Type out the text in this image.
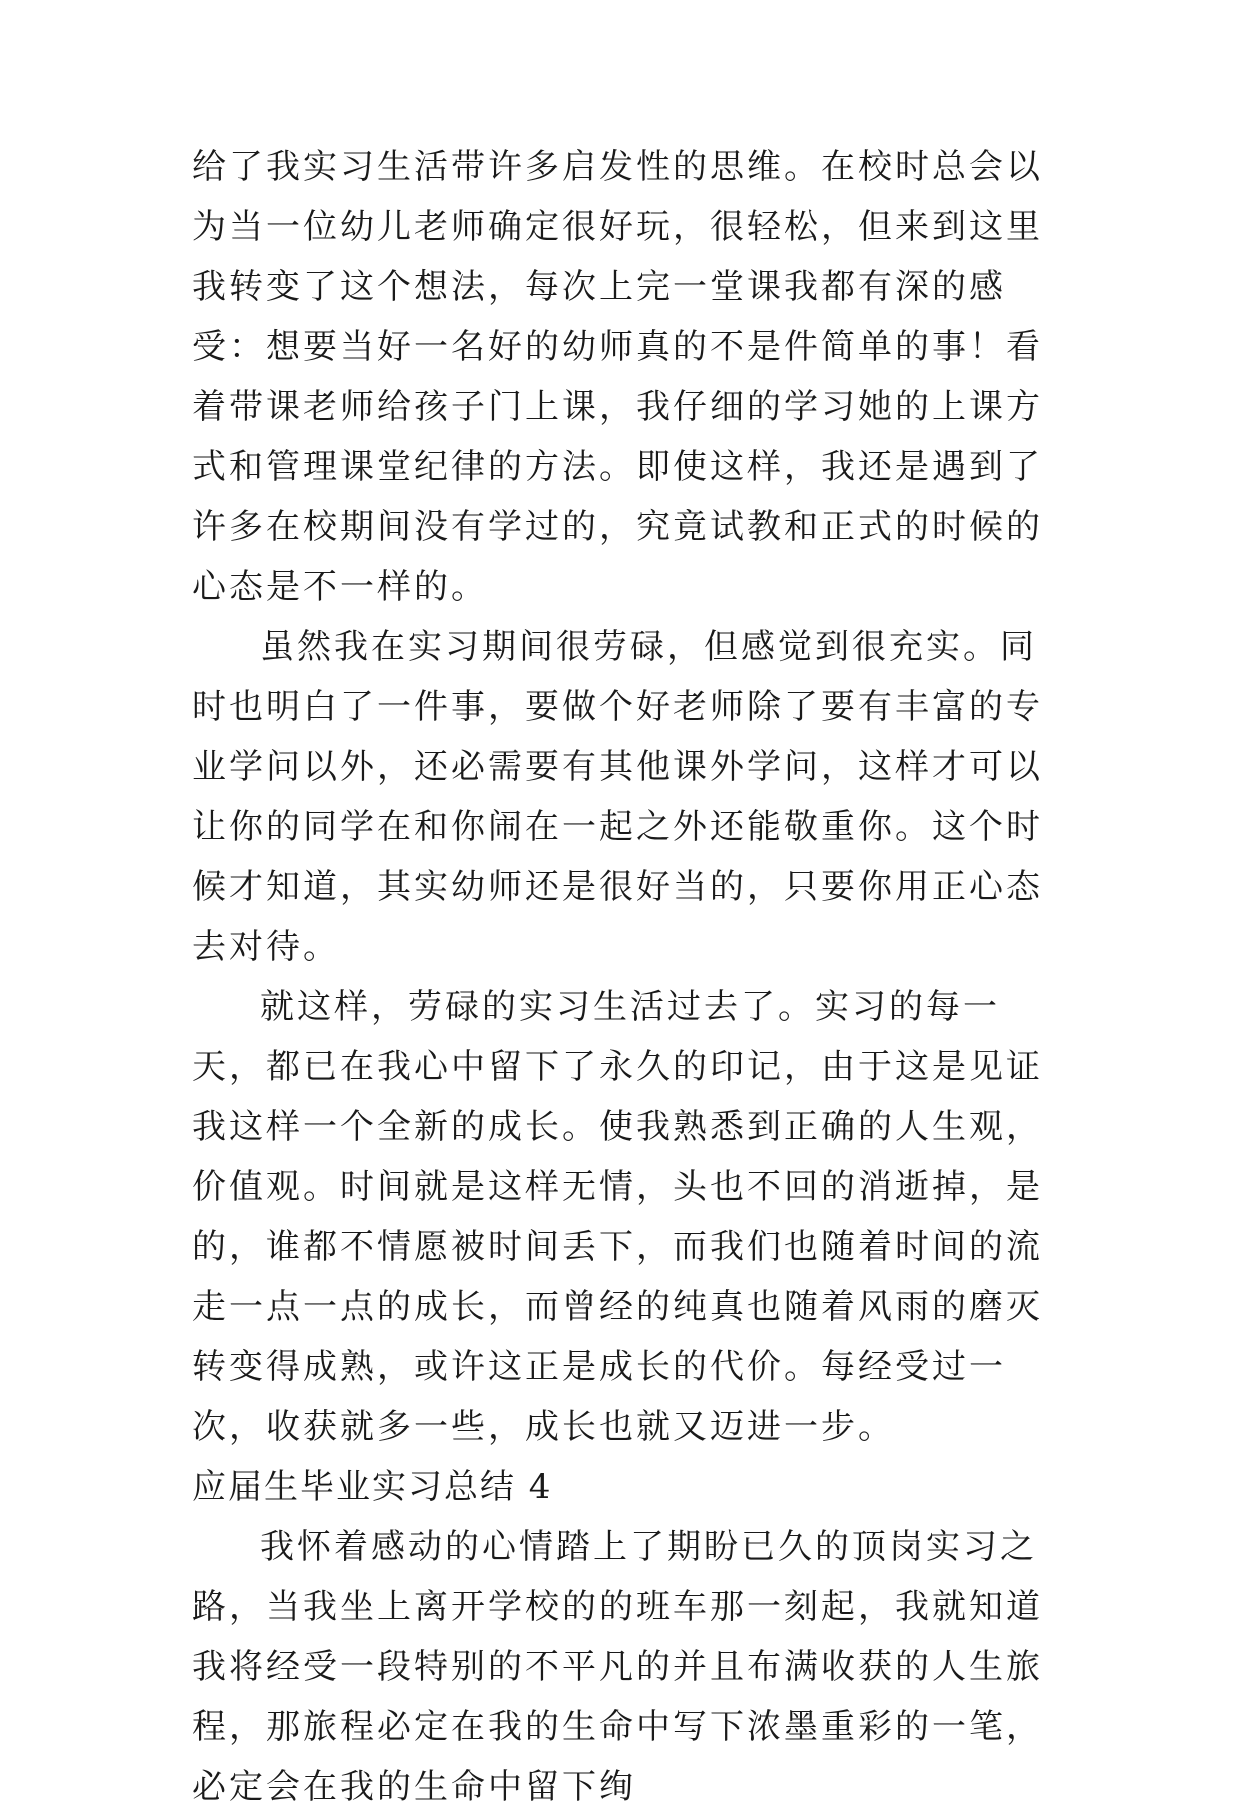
给了我实习生活带许多启发性的思维。在校时总会以为当一位幼儿老师确定很好玩，很轻松，但来到这里我转变了这个想法，每次上完一堂课我都有深的感受：想要当好一名好的幼师真的不是件简单的事！看着带课老师给孩子门上课，我仔细的学习她的上课方式和管理课堂纪律的方法。即使这样，我还是遇到了许多在校期间没有学过的，究竟试教和正式的时候的心态是不一样的。

虽然我在实习期间很劳碌，但感觉到很充实。同时也明白了一件事，要做个好老师除了要有丰富的专业学问以外，还必需要有其他课外学问，这样才可以让你的同学在和你闹在一起之外还能敬重你。这个时候才知道，其实幼师还是很好当的，只要你用正心态去对待。

就这样，劳碌的实习生活过去了。实习的每一天，都已在我心中留下了永久的印记，由于这是见证我这样一个全新的成长。使我熟悉到正确的人生观，价值观。时间就是这样无情，头也不回的消逝掉，是的，谁都不情愿被时间丢下，而我们也随着时间的流走一点一点的成长，而曾经的纯真也随着风雨的磨灭转变得成熟，或许这正是成长的代价。每经受过一次，收获就多一些，成长也就又迈进一步。

应届生毕业实习总结 4

我怀着感动的心情踏上了期盼已久的顶岗实习之路，当我坐上离开学校的的班车那一刻起，我就知道我将经受一段特别的不平凡的并且布满收获的人生旅程，那旅程必定在我的生命中写下浓墨重彩的一笔，必定会在我的生命中留下绚
